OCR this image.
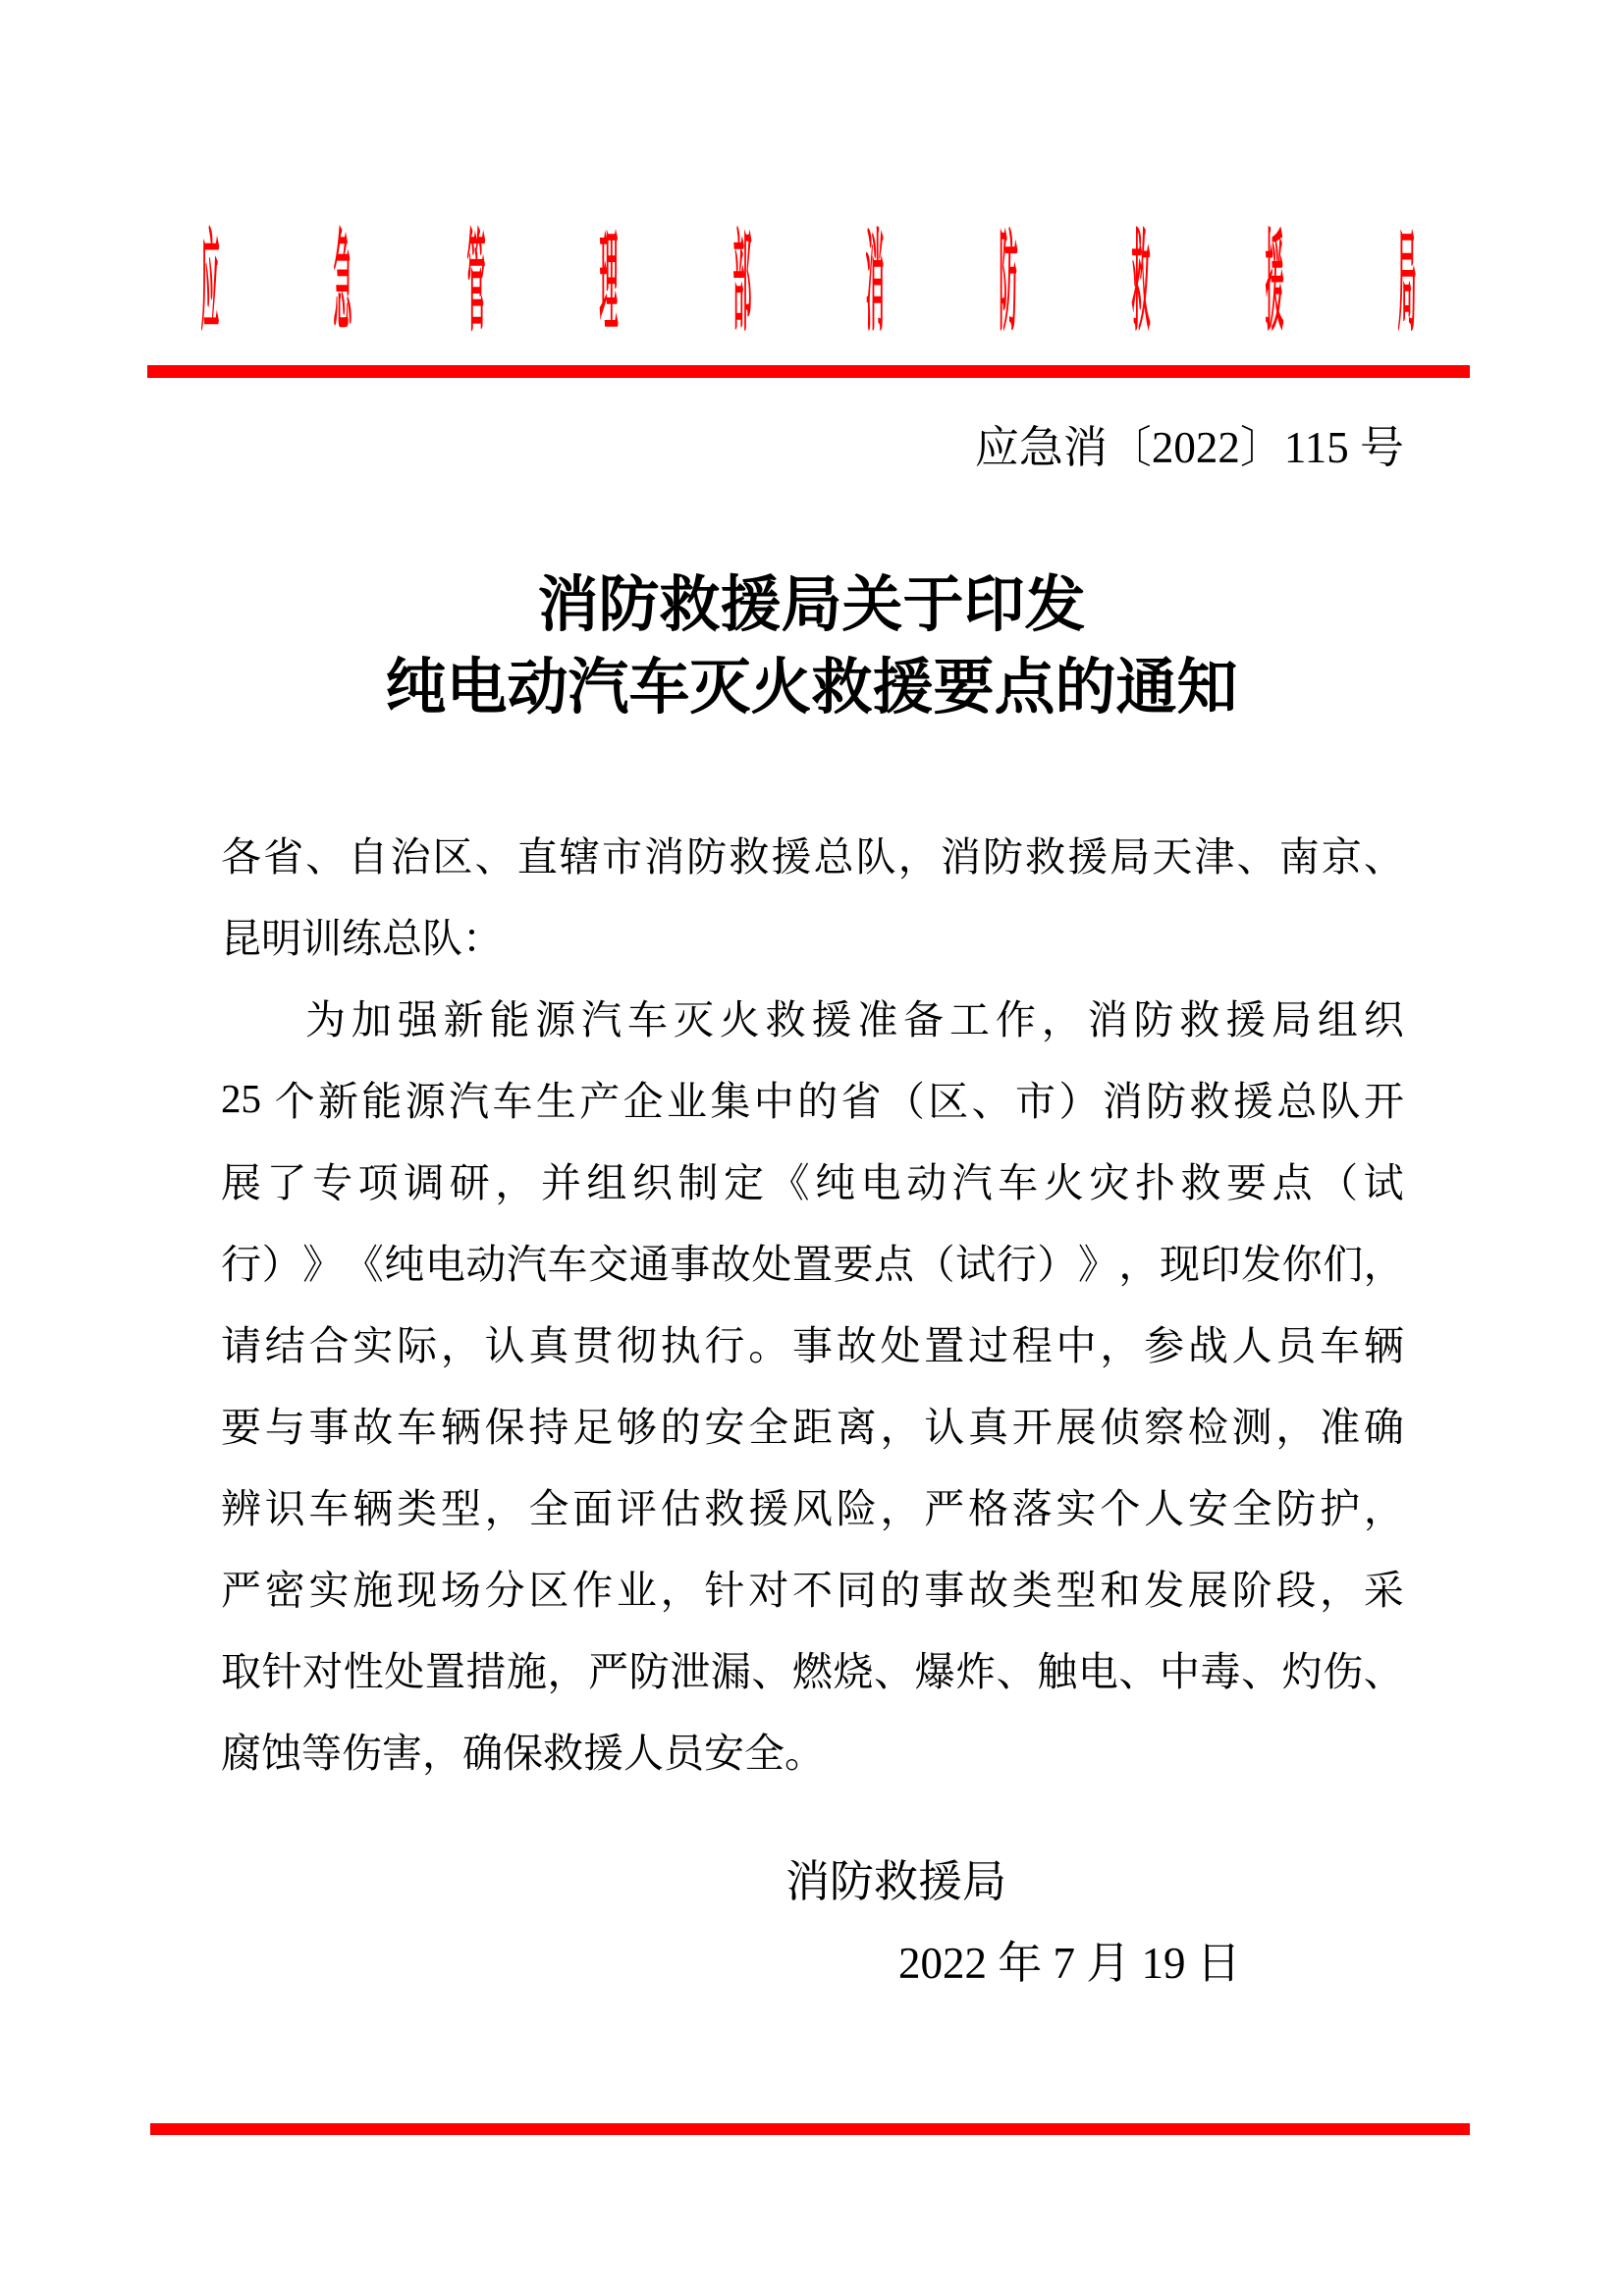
应 急 管 理 部 消 防 救 援 局
应急消〔2022〕115 号
消防救援局关于印发
纯电动汽车灭火救援要点的通知
各 省 、 自 治 区 、 直 辖 市 消 防 救 援 总 队 ， 消 防 救 援 局 天 津 、 南 京 、
昆明训练总队：
为 加 强 新 能 源 汽 车 灭 火 救 援 准 备 工 作 ， 消 防 救 援 局 组 织
25 个 新 能 源 汽 车 生 产 企 业 集 中 的 省 （ 区 、 市 ） 消 防 救 援 总 队 开
展 了 专 项 调 研 ， 并 组 织 制 定 《 纯 电 动 汽 车 火 灾 扑 救 要 点 （ 试
行 ） 》 《 纯 电 动 汽 车 交 通 事 故 处 置 要 点 （ 试 行 ） 》 ， 现 印 发 你 们 ，
请 结 合 实 际 ， 认 真 贯 彻 执 行 。 事 故 处 置 过 程 中 ， 参 战 人 员 车 辆
要 与 事 故 车 辆 保 持 足 够 的 安 全 距 离 ， 认 真 开 展 侦 察 检 测 ， 准 确
辨 识 车 辆 类 型 ， 全 面 评 估 救 援 风 险 ， 严 格 落 实 个 人 安 全 防 护 ，
严 密 实 施 现 场 分 区 作 业 ， 针 对 不 同 的 事 故 类 型 和 发 展 阶 段 ， 采
取 针 对 性 处 置 措 施 ， 严 防 泄 漏 、 燃 烧 、 爆 炸 、 触 电 、 中 毒 、 灼 伤 、
腐蚀等伤害，确保救援人员安全。
消防救援局
2022 年 7 月 19 日
